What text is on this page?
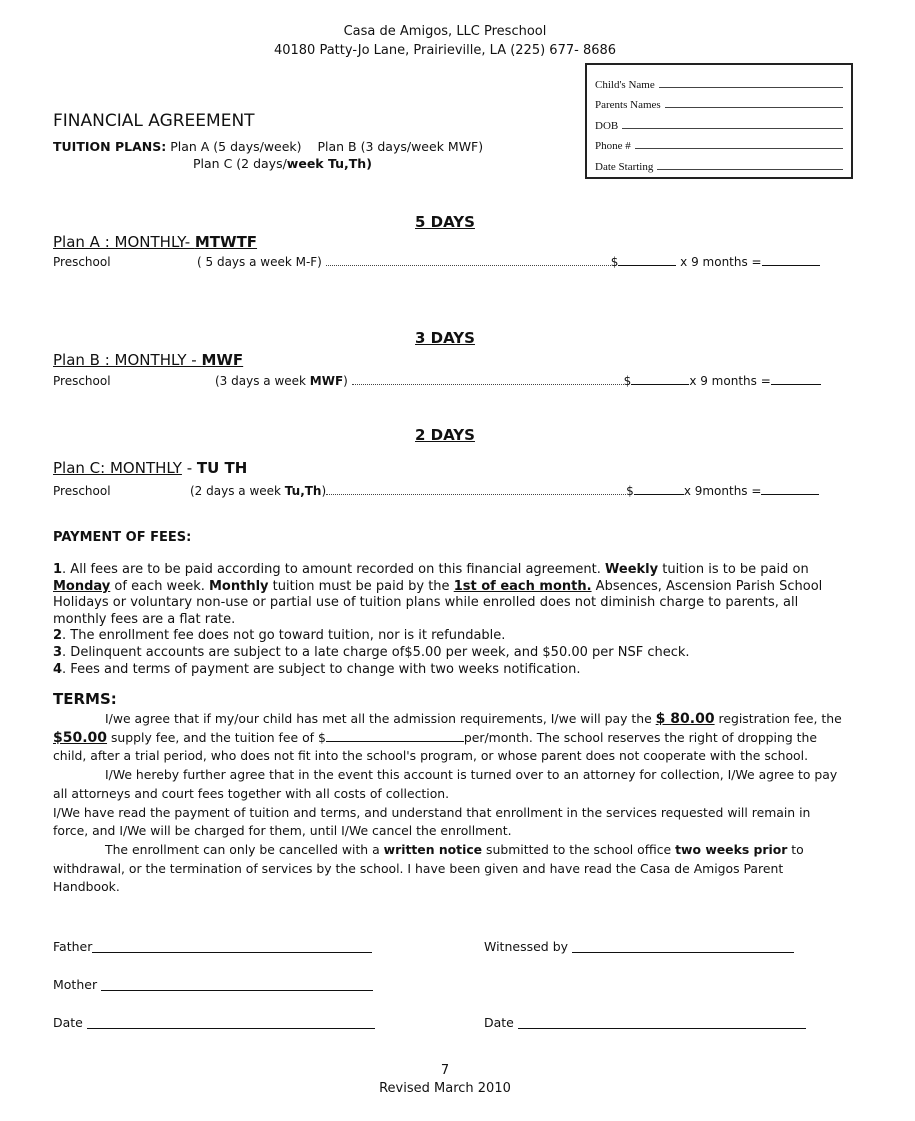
Casa de Amigos, LLC Preschool
40180 Patty-Jo Lane, Prairieville, LA (225) 677- 8686
Child's Name
Parents Names
DOB
Phone #
Date Starting
FINANCIAL AGREEMENT
TUITION PLANS: Plan A (5 days/week) Plan B (3 days/week MWF)
Plan C (2 days/week Tu,Th)
5 DAYS
Plan A : MONTHLY- MTWTF
Preschool	( 5 days a week M-F)	$	x 9 months =
3 DAYS
Plan B : MONTHLY - MWF
Preschool	(3 days a week MWF)	$	x 9 months =
2 DAYS
Plan C: MONTHLY - TU TH
Preschool	(2 days a week Tu,Th)	$	x 9months =
PAYMENT OF FEES:

1. All fees are to be paid according to amount recorded on this financial agreement. Weekly tuition is to be paid on Monday of each week. Monthly tuition must be paid by the 1st of each month. Absences, Ascension Parish School Holidays or voluntary non-use or partial use of tuition plans while enrolled does not diminish charge to parents, all monthly fees are a flat rate.

2. The enrollment fee does not go toward tuition, nor is it refundable.

3. Delinquent accounts are subject to a late charge of$5.00 per week, and $50.00 per NSF check.

4. Fees and terms of payment are subject to change with two weeks notification.

TERMS:

I/we agree that if my/our child has met all the admission requirements, I/we will pay the $ 80.00 registration fee, the $50.00 supply fee, and the tuition fee of $	per/month. The school reserves the right of dropping the child, after a trial period, who does not fit into the school's program, or whose parent does not cooperate with the school.

I/We hereby further agree that in the event this account is turned over to an attorney for collection, I/We agree to pay all attorneys and court fees together with all costs of collection.

I/We have read the payment of tuition and terms, and understand that enrollment in the services requested will remain in force, and I/We will be charged for them, until I/We cancel the enrollment.

The enrollment can only be cancelled with a written notice submitted to the school office two weeks prior to withdrawal, or the termination of services by the school. I have been given and have read the Casa de Amigos Parent Handbook.

Father	Witnessed by
Mother
Date	Date
7
Revised March 2010
